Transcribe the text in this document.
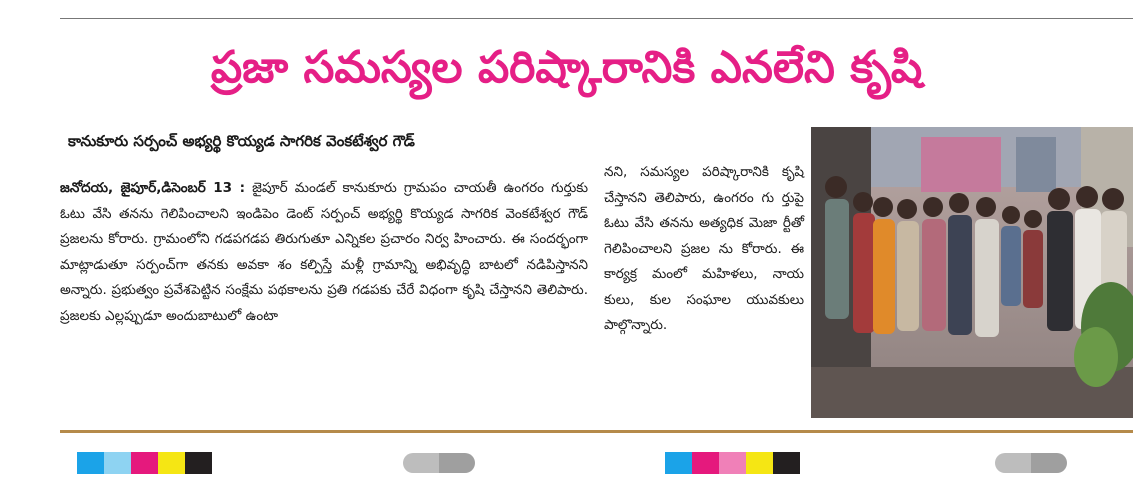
ప్రజా సమస్యల పరిష్కారానికి ఎనలేని కృషి
కానుకూరు సర్పంచ్ అభ్యర్థి కొయ్యడ సాగరిక వెంకటేశ్వర గౌడ్
జనోదయ, జైపూర్,డిసెంబర్ 13 : జైపూర్ మండల్ కానుకూరు గ్రామపం చాయతీ ఉంగరం గుర్తుకు ఓటు వేసి తనను గెలిపించాలని ఇండిపెం డెంట్ సర్పంచ్ అభ్యర్థి కొయ్యడ సాగరిక వెంకటేశ్వర గౌడ్ ప్రజలను కోరారు. గ్రామంలోని గడపగడప తిరుగుతూ ఎన్నికల ప్రచారం నిర్వ హించారు. ఈ సందర్భంగా మాట్లాడుతూ సర్పంచ్‌గా తనకు అవకా శం కల్పిస్తే మళ్లీ గ్రామాన్ని అభివృద్ధి బాటలో నడిపిస్తానని అన్నారు. ప్రభుత్వం ప్రవేశపెట్టిన సంక్షేమ పథకాలను ప్రతి గడపకు చేరే విధంగా కృషి చేస్తానని తెలిపారు. ప్రజలకు ఎల్లప్పుడూ అందుబాటులో ఉంటా
నని, సమస్యల పరిష్కారానికి కృషి చేస్తానని తెలిపారు, ఉంగరం గు ర్తుపై ఓటు వేసి తనను అత్యధిక మెజా ర్టీతో గెలిపించాలని ప్రజల ను కోరారు. ఈ కార్యక్ర మంలో మహిళలు, నాయ కులు, కుల సంఘాల యువకులు పాల్గొన్నారు.
